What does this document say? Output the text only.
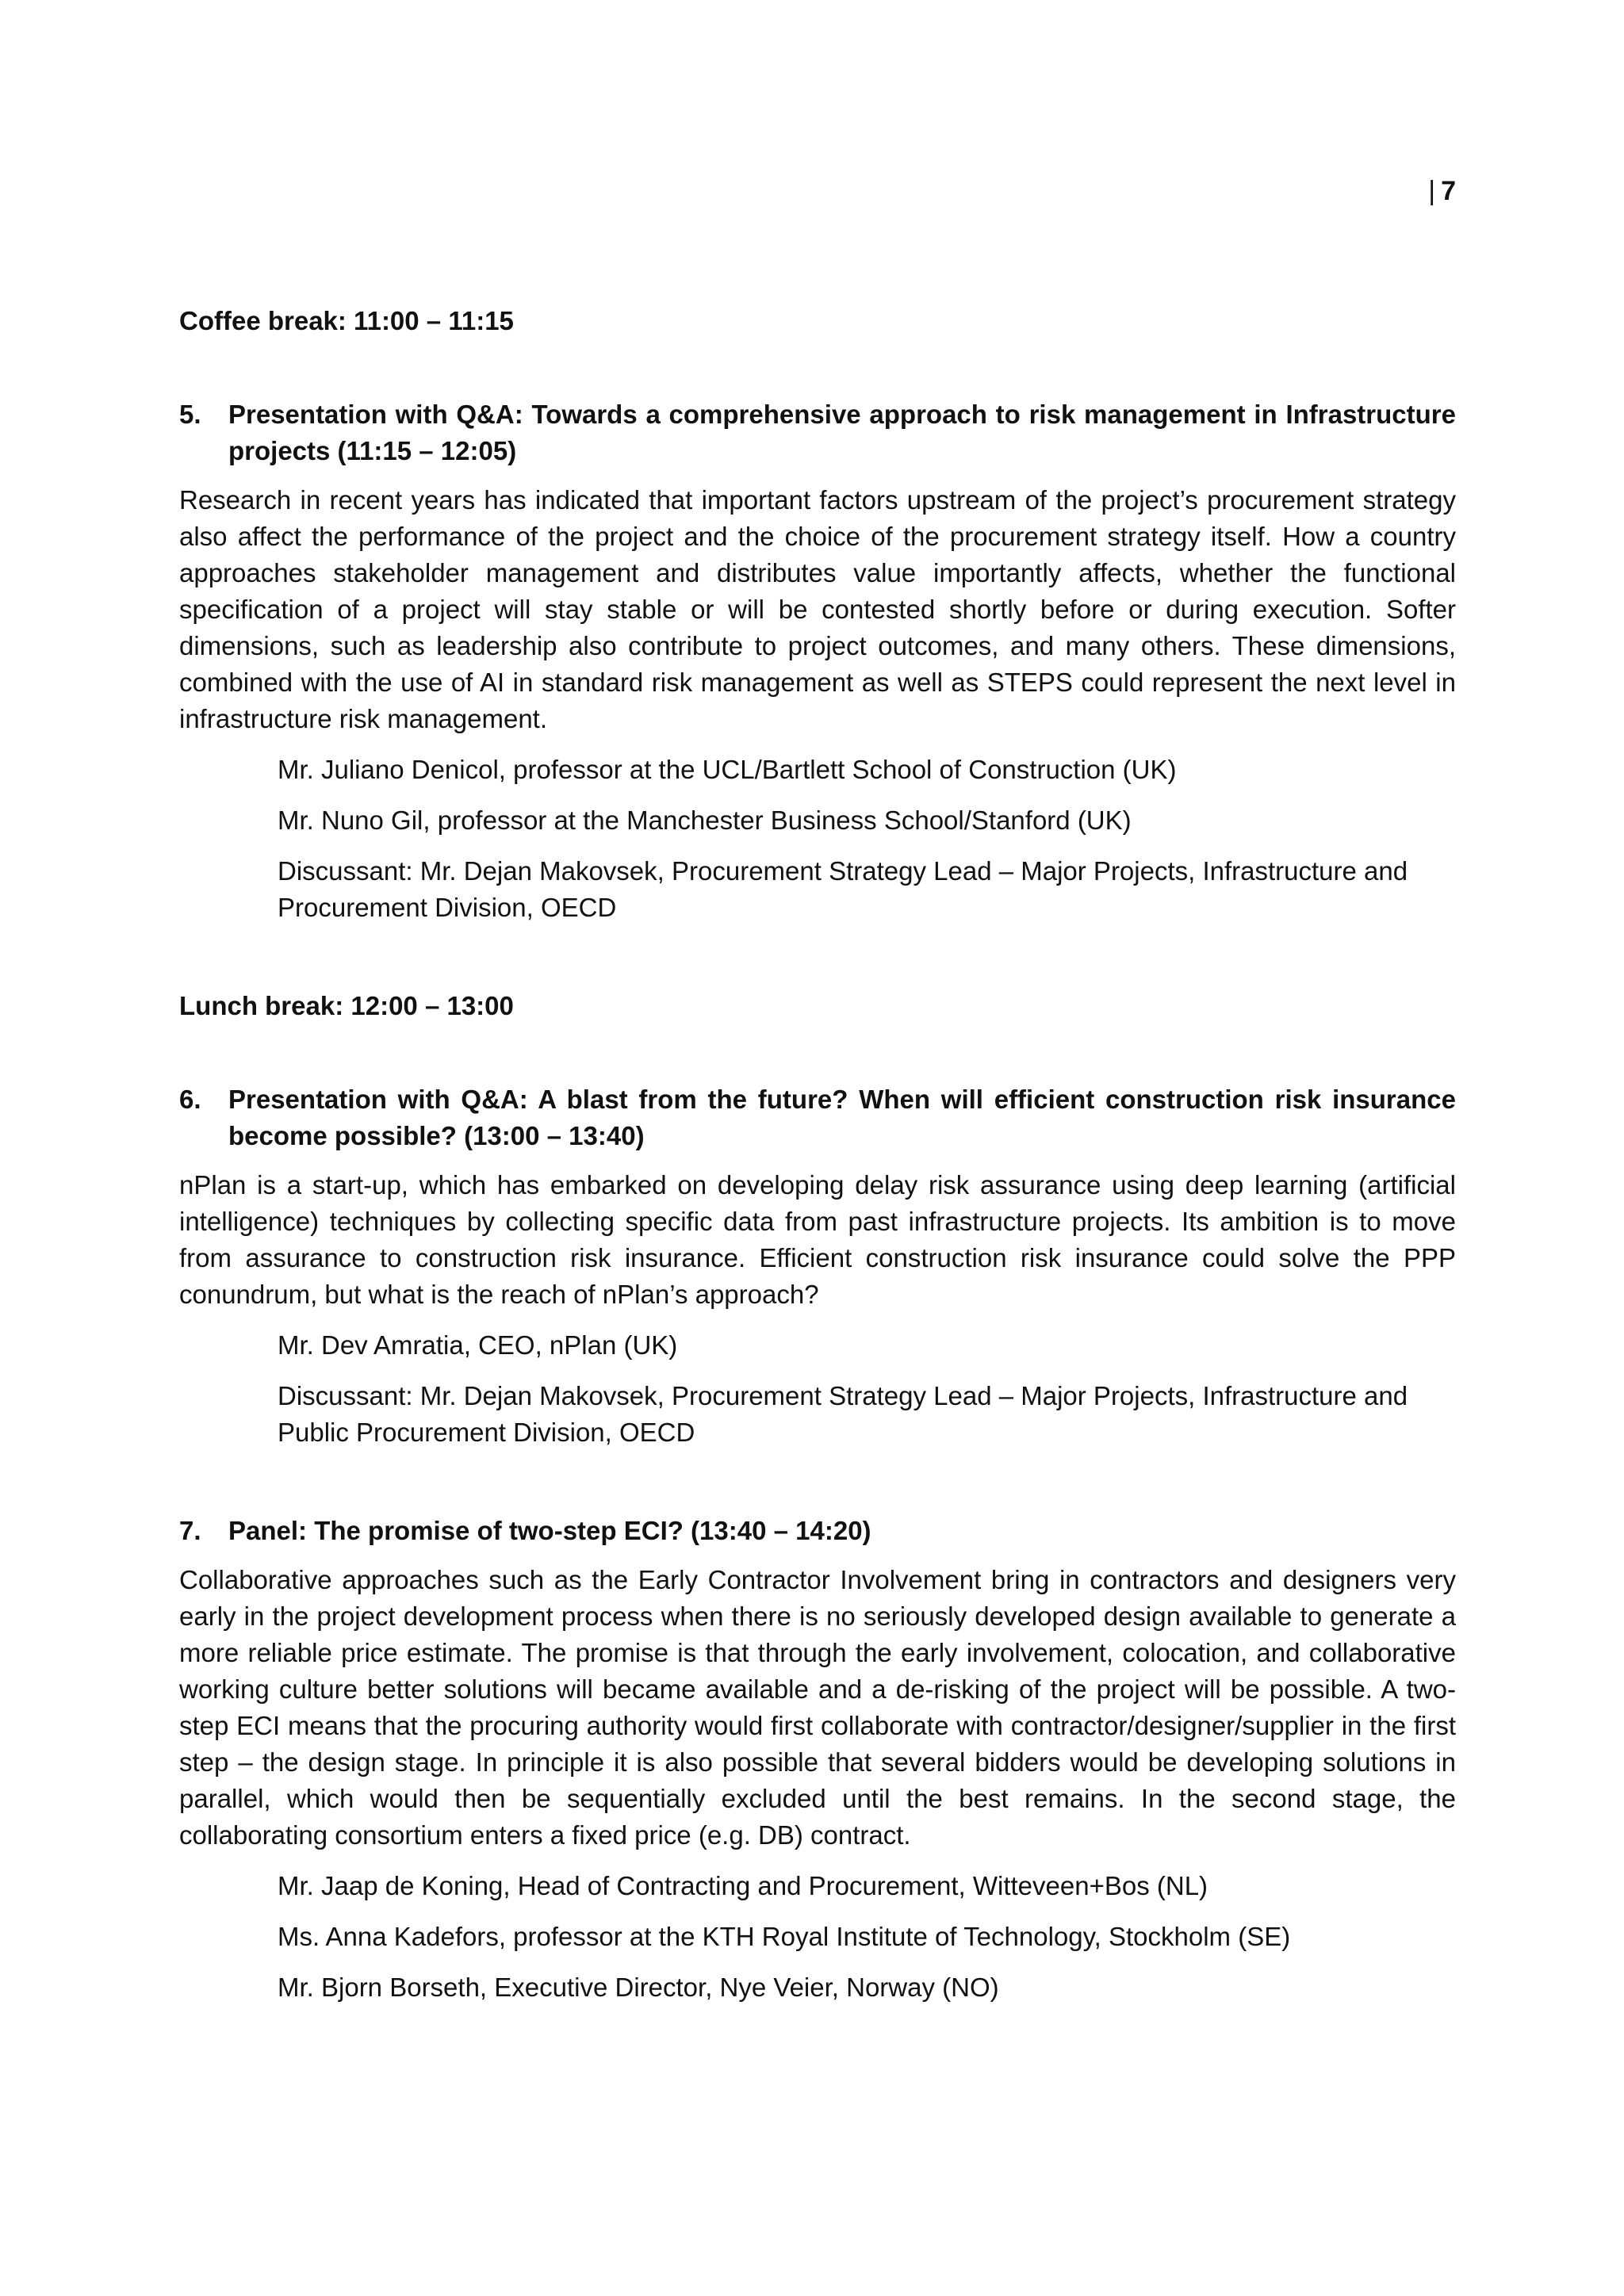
| 7

Coffee break: 11:00 – 11:15

5.	Presentation with Q&A: Towards a comprehensive approach to risk management in Infrastructure projects (11:15 – 12:05)

Research in recent years has indicated that important factors upstream of the project’s procurement strategy also affect the performance of the project and the choice of the procurement strategy itself. How a country approaches stakeholder management and distributes value importantly affects, whether the functional specification of a project will stay stable or will be contested shortly before or during execution. Softer dimensions, such as leadership also contribute to project outcomes, and many others. These dimensions, combined with the use of AI in standard risk management as well as STEPS could represent the next level in infrastructure risk management.

Mr. Juliano Denicol, professor at the UCL/Bartlett School of Construction (UK)

Mr. Nuno Gil, professor at the Manchester Business School/Stanford (UK)

Discussant: Mr. Dejan Makovsek, Procurement Strategy Lead – Major Projects, Infrastructure and Procurement Division, OECD

Lunch break: 12:00 – 13:00

6.	Presentation with Q&A: A blast from the future? When will efficient construction risk insurance become possible? (13:00 – 13:40)

nPlan is a start-up, which has embarked on developing delay risk assurance using deep learning (artificial intelligence) techniques by collecting specific data from past infrastructure projects. Its ambition is to move from assurance to construction risk insurance. Efficient construction risk insurance could solve the PPP conundrum, but what is the reach of nPlan’s approach?

Mr. Dev Amratia, CEO, nPlan (UK)

Discussant: Mr. Dejan Makovsek, Procurement Strategy Lead – Major Projects, Infrastructure and Public Procurement Division, OECD

7.	Panel: The promise of two-step ECI? (13:40 – 14:20)

Collaborative approaches such as the Early Contractor Involvement bring in contractors and designers very early in the project development process when there is no seriously developed design available to generate a more reliable price estimate. The promise is that through the early involvement, colocation, and collaborative working culture better solutions will became available and a de-risking of the project will be possible. A two-step ECI means that the procuring authority would first collaborate with contractor/designer/supplier in the first step – the design stage. In principle it is also possible that several bidders would be developing solutions in parallel, which would then be sequentially excluded until the best remains. In the second stage, the collaborating consortium enters a fixed price (e.g. DB) contract.

Mr. Jaap de Koning, Head of Contracting and Procurement, Witteveen+Bos (NL)

Ms. Anna Kadefors, professor at the KTH Royal Institute of Technology, Stockholm (SE)

Mr. Bjorn Borseth, Executive Director, Nye Veier, Norway (NO)
